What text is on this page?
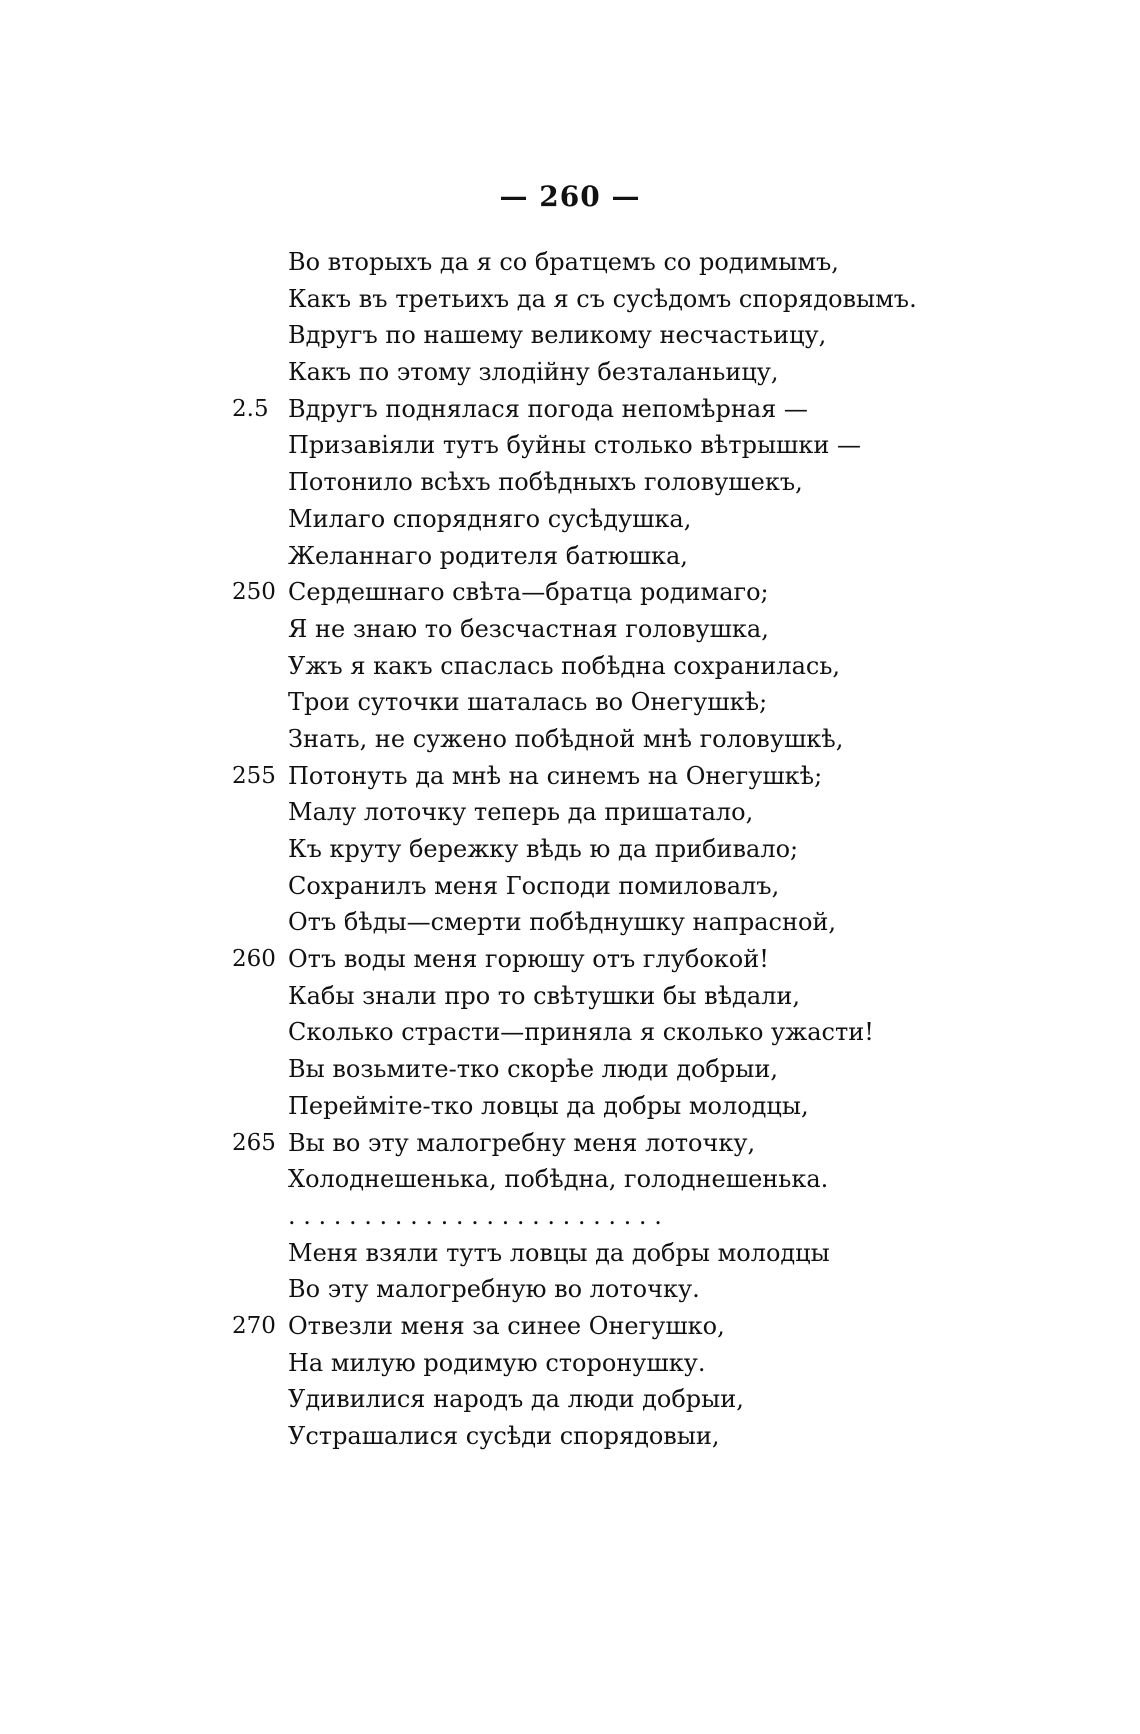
— 260 —
Во вторыхъ да я со братцемъ со родимымъ,
Какъ въ третьихъ да я съ сусѣдомъ спорядовымъ.
Вдругъ по нашему великому несчастьицу,
Какъ по этому злодійну безталаньицу,
2.5 Вдругъ поднялася погода непомѣрная —
Призавіяли тутъ буйны столько вѣтрышки —
Потонило всѣхъ побѣдныхъ головушекъ,
Милаго спорядняго сусѣдушка,
Желаннаго родителя батюшка,
250 Сердешнаго свѣта—братца родимаго;
Я не знаю то безсчастная головушка,
Ужъ я какъ спаслась побѣдна сохранилась,
Трои суточки шаталась во Онегушкѣ;
Знать, не сужено побѣдной мнѣ головушкѣ,
255 Потонуть да мнѣ на синемъ на Онегушкѣ;
Малу лоточку теперь да пришатало,
Къ круту бережку вѣдь ю да прибивало;
Сохранилъ меня Господи помиловалъ,
Отъ бѣды—смерти побѣднушку напрасной,
260 Отъ воды меня горюшу отъ глубокой!
Кабы знали про то свѣтушки бы вѣдали,
Сколько страсти—приняла я сколько ужасти!
Вы возьмите-тко скорѣе люди добрыи,
Перейміте-тко ловцы да добры молодцы,
265 Вы во эту малогребну меня лоточку,
Холоднешенька, побѣдна, голоднешенька.
. . . . . . . . . . . . . . . . . . . . . . . . .
Меня взяли тутъ ловцы да добры молодцы
Во эту малогребную во лоточку.
270 Отвезли меня за синее Онегушко,
На милую родимую сторонушку.
Удивилися народъ да люди добрыи,
Устрашалися сусѣди спорядовыи,
